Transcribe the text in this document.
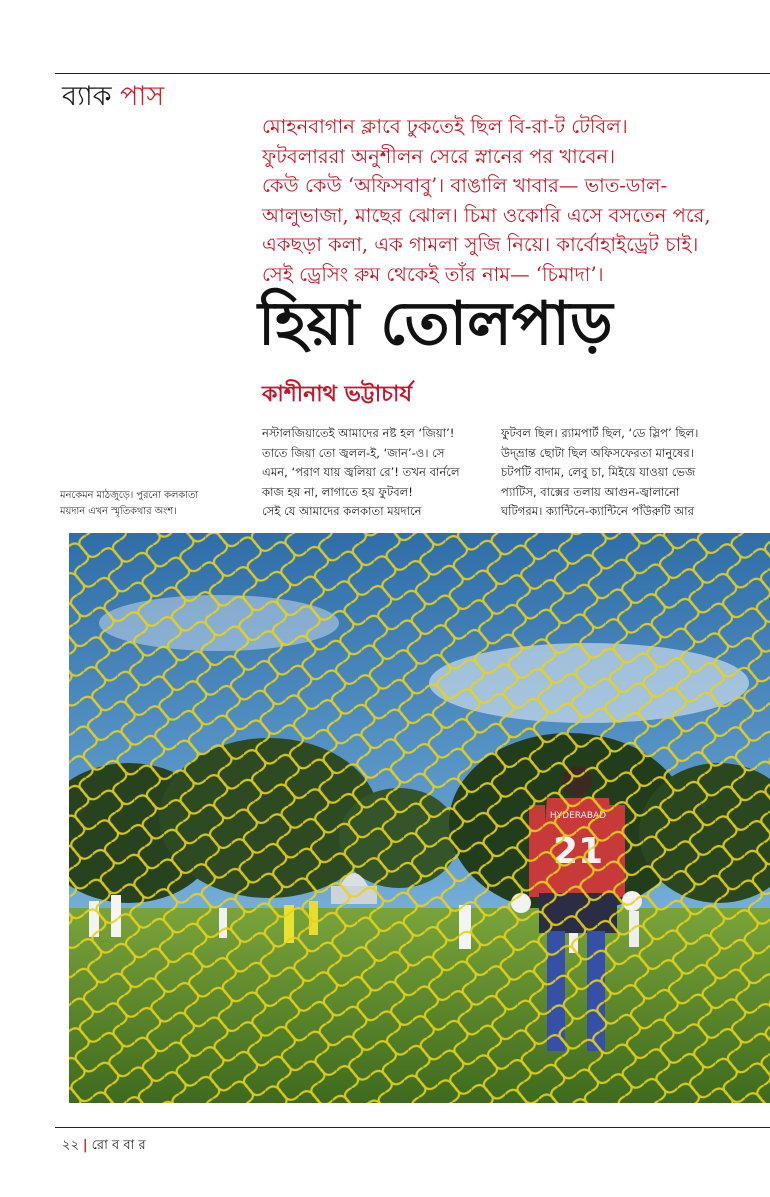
ব্যাক পাস
মোহনবাগান ক্লাবে ঢুকতেই ছিল বি-রা-ট টেবিল।
ফুটবলাররা অনুশীলন সেরে স্নানের পর খাবেন।
কেউ কেউ ‘অফিসবাবু’। বাঙালি খাবার— ভাত-ডাল-
আলুভাজা, মাছের ঝোল। চিমা ওকোরি এসে বসতেন পরে,
একছড়া কলা, এক গামলা সুজি নিয়ে। কার্বোহাইড্রেট চাই।
সেই ড্রেসিং রুম থেকেই তাঁর নাম— ‘চিমাদা’।
হিয়া তোলপাড়
কাশীনাথ ভট্টাচার্য
নস্টালজিয়াতেই আমাদের নষ্ট হল ‘জিয়া’!
তাতে জিয়া তো জ্বলল-ই, ‘জান’-ও। সে
এমন, ‘পরাণ যায় জ্বলিয়া রে’! তখন বার্নলে
কাজ হয় না, লাগাতে হয় ফুটবল!
সেই যে আমাদের কলকাতা ময়দানে
ফুটবল ছিল। র‍্যামপার্ট ছিল, ‘ডে স্লিপ’ ছিল।
উদ্‌ভ্রান্ত ছোটা ছিল অফিসফেরতা মানুষের।
চটপটি বাদাম, লেবু চা, মিইয়ে যাওয়া ভেজ
প্যাটিস, বাক্সের তলায় আগুন-জ্বালানো
ঘটিগরম। ক্যান্টিনে-ক্যান্টিনে পাঁউরুটি আর
মনকেমন মাঠজুড়ে। পুরনো কলকাতা
ময়দান এখন স্মৃতিকথার অংশ।
২২ | রো ব বা র
